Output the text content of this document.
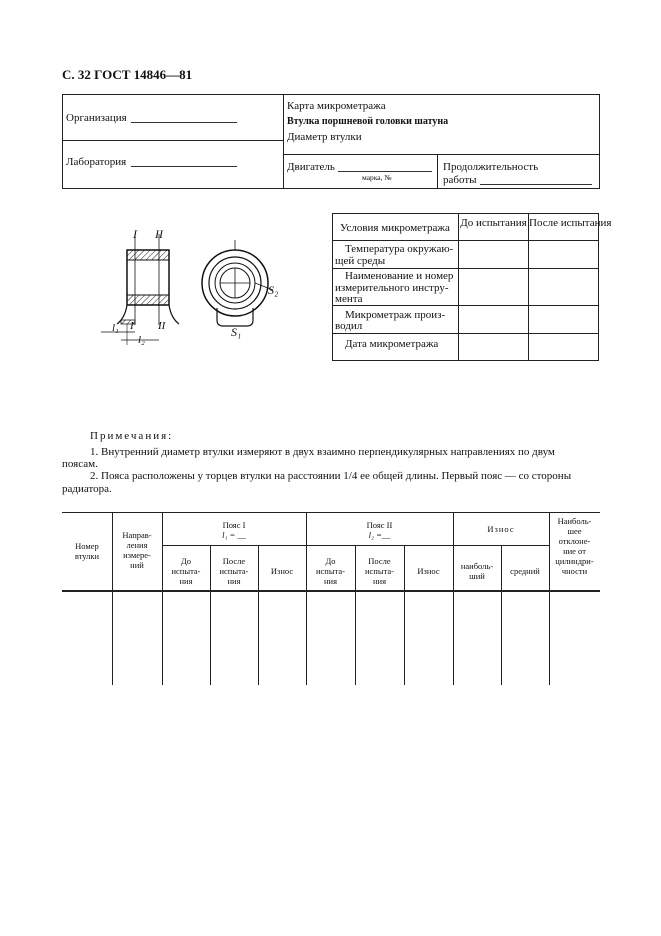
С. 32 ГОСТ 14846—81
Организация
Лаборатория
Карта микрометража
Втулка поршневой головки шатуна
Диаметр втулки
Двигатель
марка, №
Продолжительность
работы
I II
I II
l₁
l₂
S₂
S₁
Условия микрометража До испытания После испытания
Температура окружаю-
щей среды
Наименование и номер
измерительного инстру-
мента
Микрометраж произ-
водил
Дата микрометража
Примечания:
1. Внутренний диаметр втулки измеряют в двух взаимно перпендикулярных направлениях по двум
поясам.
2. Пояса расположены у торцев втулки на расстоянии 1/4 ее общей длины. Первый пояс — со стороны
радиатора.
Номер
втулки
Направ-
ления
измере-
ний
Пояс I
l₁ = __
Пояс II
l₂ =__
Износ
Наиболь-
шее
отклоне-
ние от
цилиндри-
чности
До
испыта-
ния
После
испыта-
ния
Износ
До
испыта-
ния
После
испыта-
ния
Износ	наиболь-
ший	средний
